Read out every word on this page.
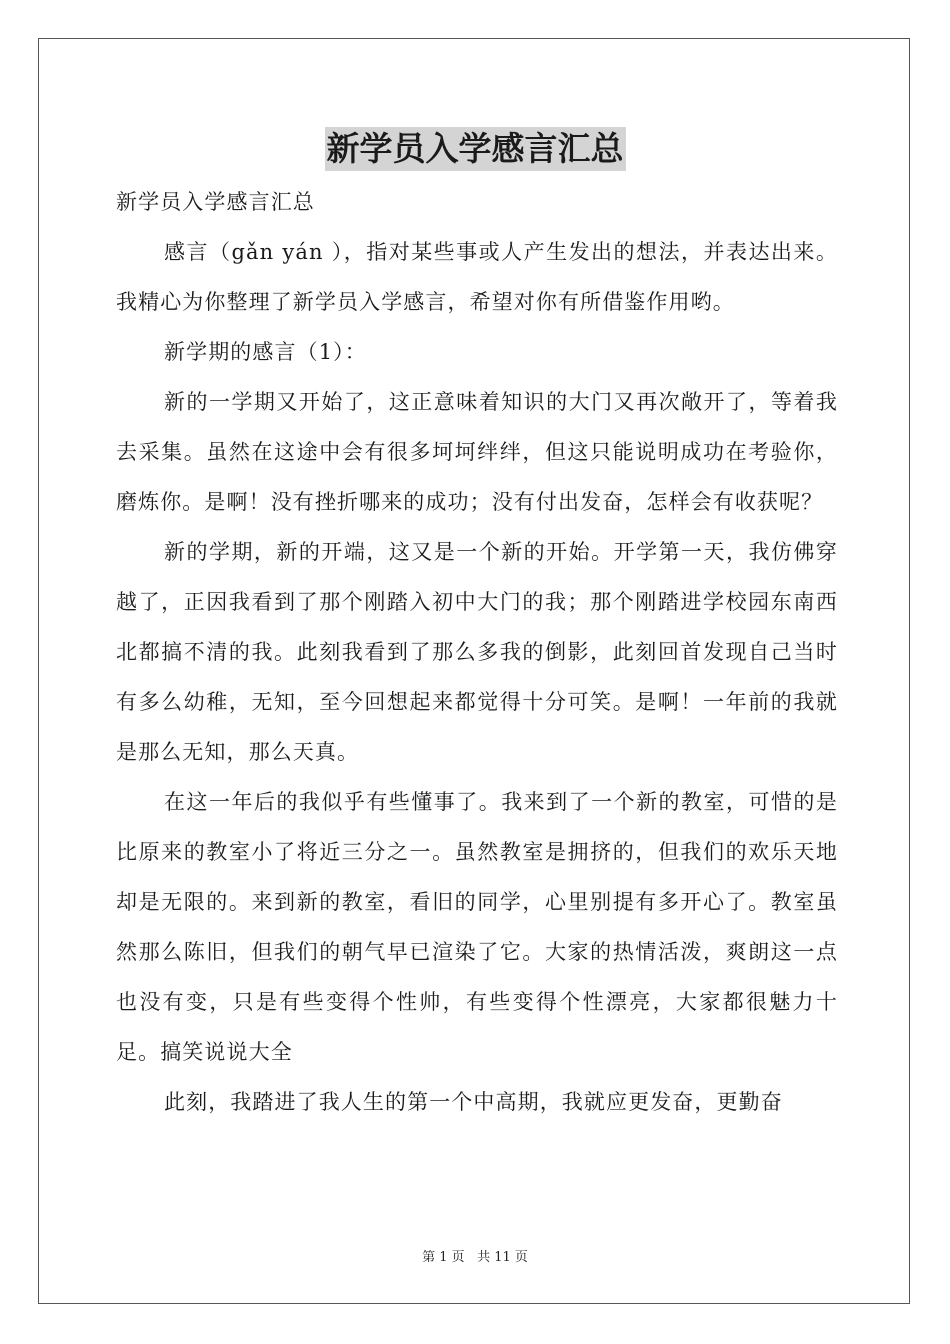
新学员入学感言汇总

新学员入学感言汇总

感言（gǎn yán ），指对某些事或人产生发出的想法，并表达出来。我精心为你整理了新学员入学感言，希望对你有所借鉴作用哟。

新学期的感言（1）：

新的一学期又开始了，这正意味着知识的大门又再次敞开了，等着我去采集。虽然在这途中会有很多坷坷绊绊，但这只能说明成功在考验你，磨炼你。是啊！没有挫折哪来的成功；没有付出发奋，怎样会有收获呢？

新的学期，新的开端，这又是一个新的开始。开学第一天，我仿佛穿越了，正因我看到了那个刚踏入初中大门的我；那个刚踏进学校园东南西北都搞不清的我。此刻我看到了那么多我的倒影，此刻回首发现自己当时有多么幼稚，无知，至今回想起来都觉得十分可笑。是啊！一年前的我就是那么无知，那么天真。

在这一年后的我似乎有些懂事了。我来到了一个新的教室，可惜的是比原来的教室小了将近三分之一。虽然教室是拥挤的，但我们的欢乐天地却是无限的。来到新的教室，看旧的同学，心里别提有多开心了。教室虽然那么陈旧，但我们的朝气早已渲染了它。大家的热情活泼，爽朗这一点也没有变，只是有些变得个性帅，有些变得个性漂亮，大家都很魅力十足。搞笑说说大全

此刻，我踏进了我人生的第一个中高期，我就应更发奋，更勤奋

第 1 页 共 11 页
